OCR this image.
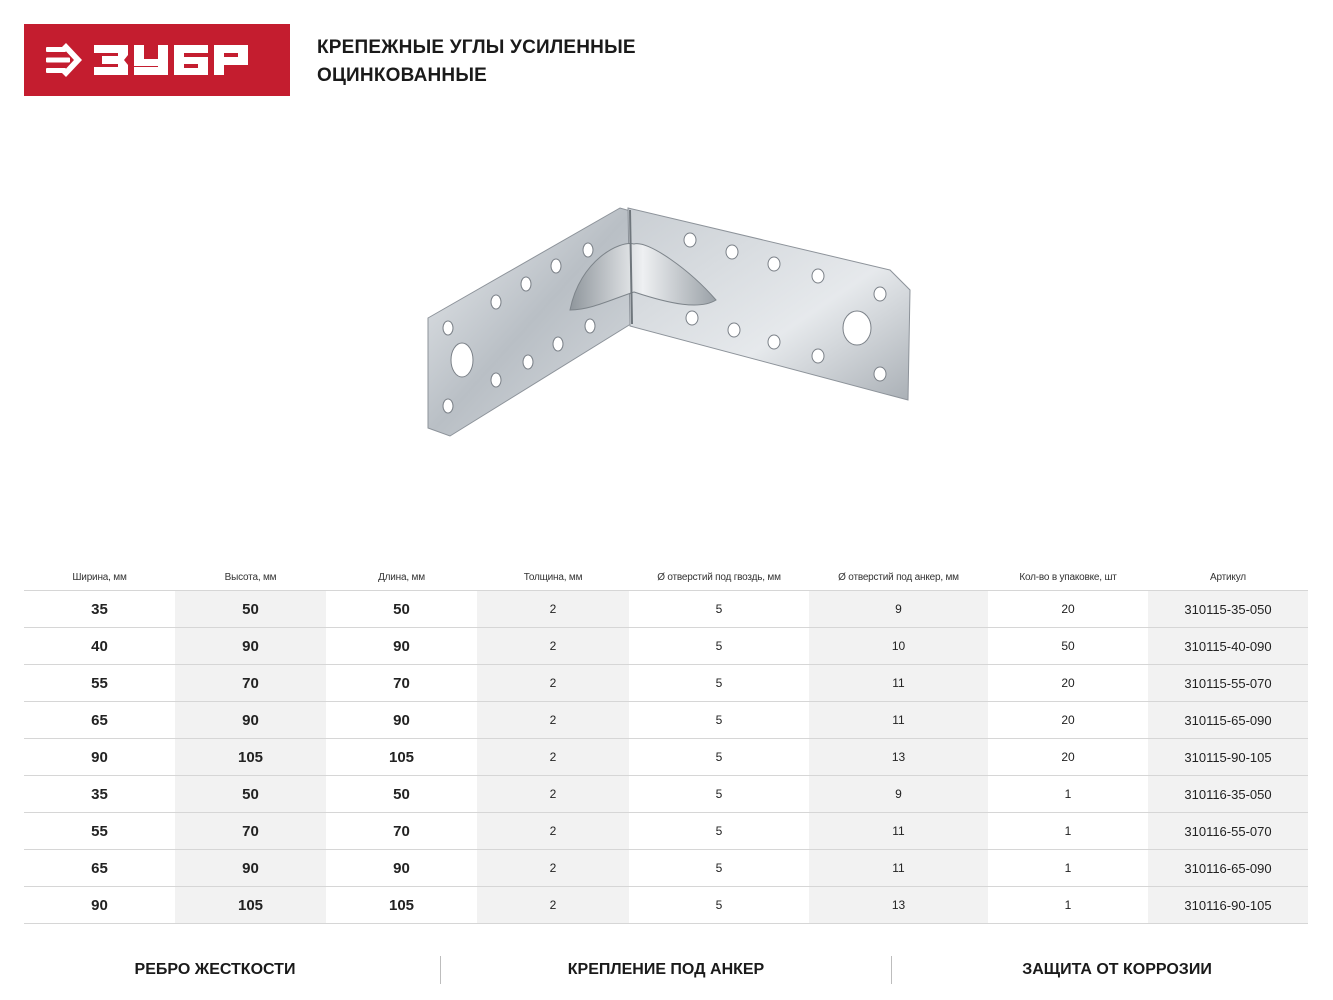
КРЕПЕЖНЫЕ УГЛЫ УСИЛЕННЫЕ
ОЦИНКОВАННЫЕ
Ширина, мм	Высота, мм	Длина, мм	Толщина, мм	Ø отверстий под гвоздь, мм	Ø отверстий под анкер, мм	Кол-во в упаковке, шт	Артикул
35	50	50	2	5	9	20	310115-35-050
40	90	90	2	5	10	50	310115-40-090
55	70	70	2	5	11	20	310115-55-070
65	90	90	2	5	11	20	310115-65-090
90	105	105	2	5	13	20	310115-90-105
35	50	50	2	5	9	1	310116-35-050
55	70	70	2	5	11	1	310116-55-070
65	90	90	2	5	11	1	310116-65-090
90	105	105	2	5	13	1	310116-90-105
РЕБРО ЖЕСТКОСТИ	КРЕПЛЕНИЕ ПОД АНКЕР	ЗАЩИТА ОТ КОРРОЗИИ
